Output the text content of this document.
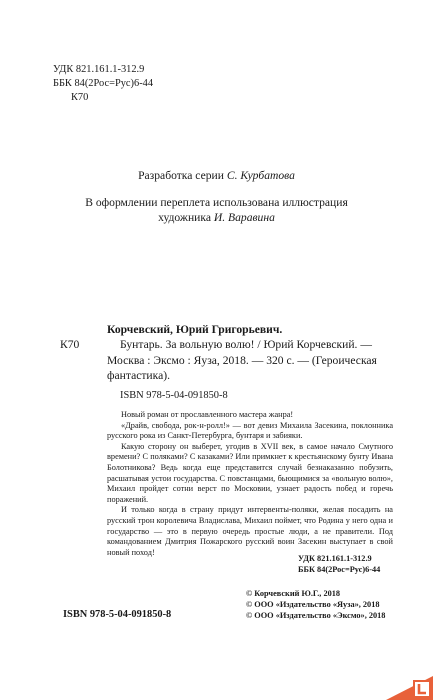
УДК 821.161.1-312.9
ББК 84(2Рос=Рус)6-44
К70
Разработка серии С. Курбатова
В оформлении переплета использована иллюстрация
художника И. Варавина
К70
Корчевский, Юрий Григорьевич.
Бунтарь. За вольную волю! / Юрий Корчевский. —
Москва : Эксмо : Яуза, 2018. — 320 с. — (Героическая
фантастика).
ISBN 978-5-04-091850-8

Новый роман от прославленного мастера жанра!

«Драйв, свобода, рок-н-ролл!» — вот девиз Михаила Засекина, поклонника русского рока из Санкт-Петербурга, бунтаря и забияки.

Какую сторону он выберет, угодив в XVII век, в самое начало Смутного времени? С поляками? С казаками? Или примкнет к крестьянскому бунту Ивана Болотникова? Ведь когда еще представится случай безнаказанно побузить, расшатывая устои государства. С повстанцами, бьющимися за «вольную волю», Михаил пройдет сотни верст по Московии, узнает радость побед и горечь поражений.

И только когда в страну придут интервенты-поляки, желая посадить на русский трон королевича Владислава, Михаил поймет, что Родина у него одна и государство — это в первую очередь простые люди, а не правители. Под командованием Дмитрия Пожарского русский воин Засекин выступает в свой новый поход!

УДК 821.161.1-312.9
ББК 84(2Рос=Рус)6-44
ISBN 978-5-04-091850-8
© Корчевский Ю.Г., 2018
© ООО «Издательство «Яуза», 2018
© ООО «Издательство «Эксмо», 2018
